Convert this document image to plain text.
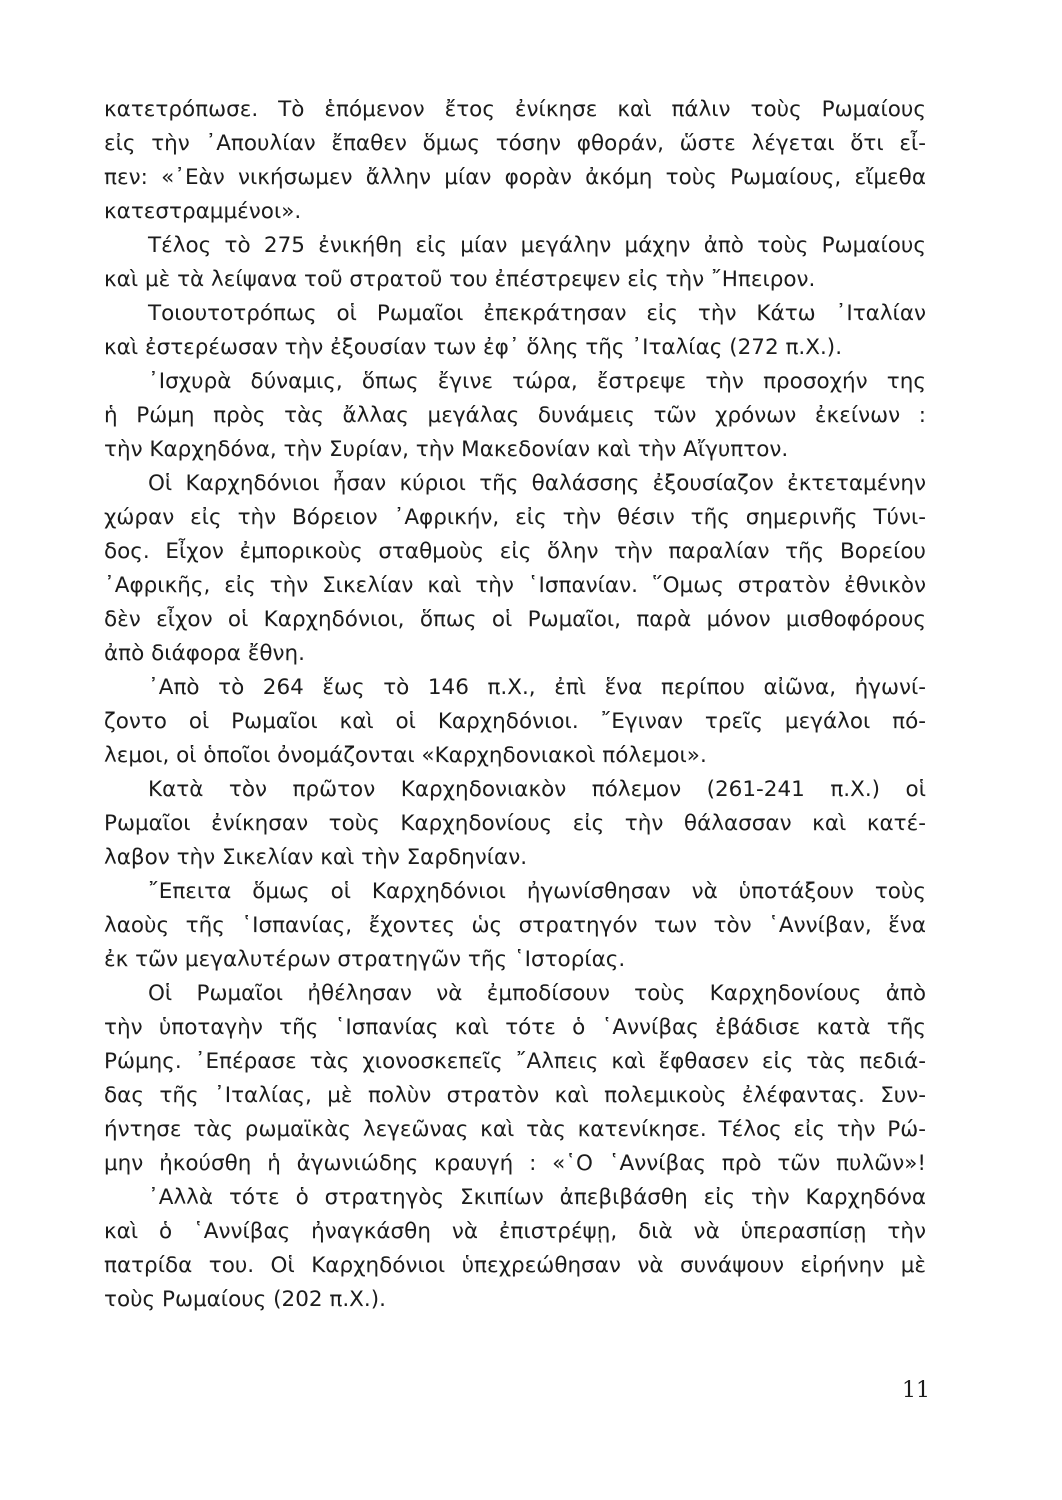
κατετρόπωσε. Τὸ ἑπόμενον ἔτος ἐνίκησε καὶ πάλιν τοὺς Ρωμαίους
εἰς τὴν ᾿Απουλίαν ἔπαθεν ὅμως τόσην φθοράν, ὥστε λέγεται ὅτι εἶ-
πεν: «᾿Εὰν νικήσωμεν ἄλλην μίαν φορὰν ἀκόμη τοὺς Ρωμαίους, εἴμεθα
κατεστραμμένοι».
Τέλος τὸ 275 ἐνικήθη εἰς μίαν μεγάλην μάχην ἀπὸ τοὺς Ρωμαίους
καὶ μὲ τὰ λείψανα τοῦ στρατοῦ του ἐπέστρεψεν εἰς τὴν ῎Ηπειρον.
Τοιουτοτρόπως οἱ Ρωμαῖοι ἐπεκράτησαν εἰς τὴν Κάτω ᾿Ιταλίαν
καὶ ἐστερέωσαν τὴν ἐξουσίαν των ἐφ᾿ ὅλης τῆς ᾿Ιταλίας (272 π.Χ.).
᾿Ισχυρὰ δύναμις, ὅπως ἔγινε τώρα, ἔστρεψε τὴν προσοχήν της
ἡ Ρώμη πρὸς τὰς ἄλλας μεγάλας δυνάμεις τῶν χρόνων ἐκείνων :
τὴν Καρχηδόνα, τὴν Συρίαν, τὴν Μακεδονίαν καὶ τὴν Αἴγυπτον.
Οἱ Καρχηδόνιοι ἦσαν κύριοι τῆς θαλάσσης ἐξουσίαζον ἐκτεταμένην
χώραν εἰς τὴν Βόρειον ᾿Αφρικήν, εἰς τὴν θέσιν τῆς σημερινῆς Τύνι-
δος. Εἶχον ἐμπορικοὺς σταθμοὺς εἰς ὅλην τὴν παραλίαν τῆς Βορείου
᾿Αφρικῆς, εἰς τὴν Σικελίαν καὶ τὴν ῾Ισπανίαν. ῞Ομως στρατὸν ἐθνικὸν
δὲν εἶχον οἱ Καρχηδόνιοι, ὅπως οἱ Ρωμαῖοι, παρὰ μόνον μισθοφόρους
ἀπὸ διάφορα ἔθνη.
᾿Απὸ τὸ 264 ἕως τὸ 146 π.Χ., ἐπὶ ἕνα περίπου αἰῶνα, ἠγωνί-
ζοντο οἱ Ρωμαῖοι καὶ οἱ Καρχηδόνιοι. ῎Εγιναν τρεῖς μεγάλοι πό-
λεμοι, οἱ ὁποῖοι ὀνομάζονται «Καρχηδονιακοὶ πόλεμοι».
Κατὰ τὸν πρῶτον Καρχηδονιακὸν πόλεμον (261-241 π.Χ.) οἱ
Ρωμαῖοι ἐνίκησαν τοὺς Καρχηδονίους εἰς τὴν θάλασσαν καὶ κατέ-
λαβον τὴν Σικελίαν καὶ τὴν Σαρδηνίαν.
῎Επειτα ὅμως οἱ Καρχηδόνιοι ἠγωνίσθησαν νὰ ὑποτάξουν τοὺς
λαοὺς τῆς ῾Ισπανίας, ἔχοντες ὡς στρατηγόν των τὸν ῾Αννίβαν, ἕνα
ἐκ τῶν μεγαλυτέρων στρατηγῶν τῆς ῾Ιστορίας.
Οἱ Ρωμαῖοι ἠθέλησαν νὰ ἐμποδίσουν τοὺς Καρχηδονίους ἀπὸ
τὴν ὑποταγὴν τῆς ῾Ισπανίας καὶ τότε ὁ ῾Αννίβας ἐβάδισε κατὰ τῆς
Ρώμης. ᾿Επέρασε τὰς χιονοσκεπεῖς ῎Αλπεις καὶ ἔφθασεν εἰς τὰς πεδιά-
δας τῆς ᾿Ιταλίας, μὲ πολὺν στρατὸν καὶ πολεμικοὺς ἐλέφαντας. Συν-
ήντησε τὰς ρωμαϊκὰς λεγεῶνας καὶ τὰς κατενίκησε. Τέλος εἰς τὴν Ρώ-
μην ἠκούσθη ἡ ἀγωνιώδης κραυγή : «῾Ο ῾Αννίβας πρὸ τῶν πυλῶν»!
᾿Αλλὰ τότε ὁ στρατηγὸς Σκιπίων ἀπεβιβάσθη εἰς τὴν Καρχηδόνα
καὶ ὁ ῾Αννίβας ἠναγκάσθη νὰ ἐπιστρέψῃ, διὰ νὰ ὑπερασπίσῃ τὴν
πατρίδα του. Οἱ Καρχηδόνιοι ὑπεχρεώθησαν νὰ συνάψουν εἰρήνην μὲ
τοὺς Ρωμαίους (202 π.Χ.).
11
